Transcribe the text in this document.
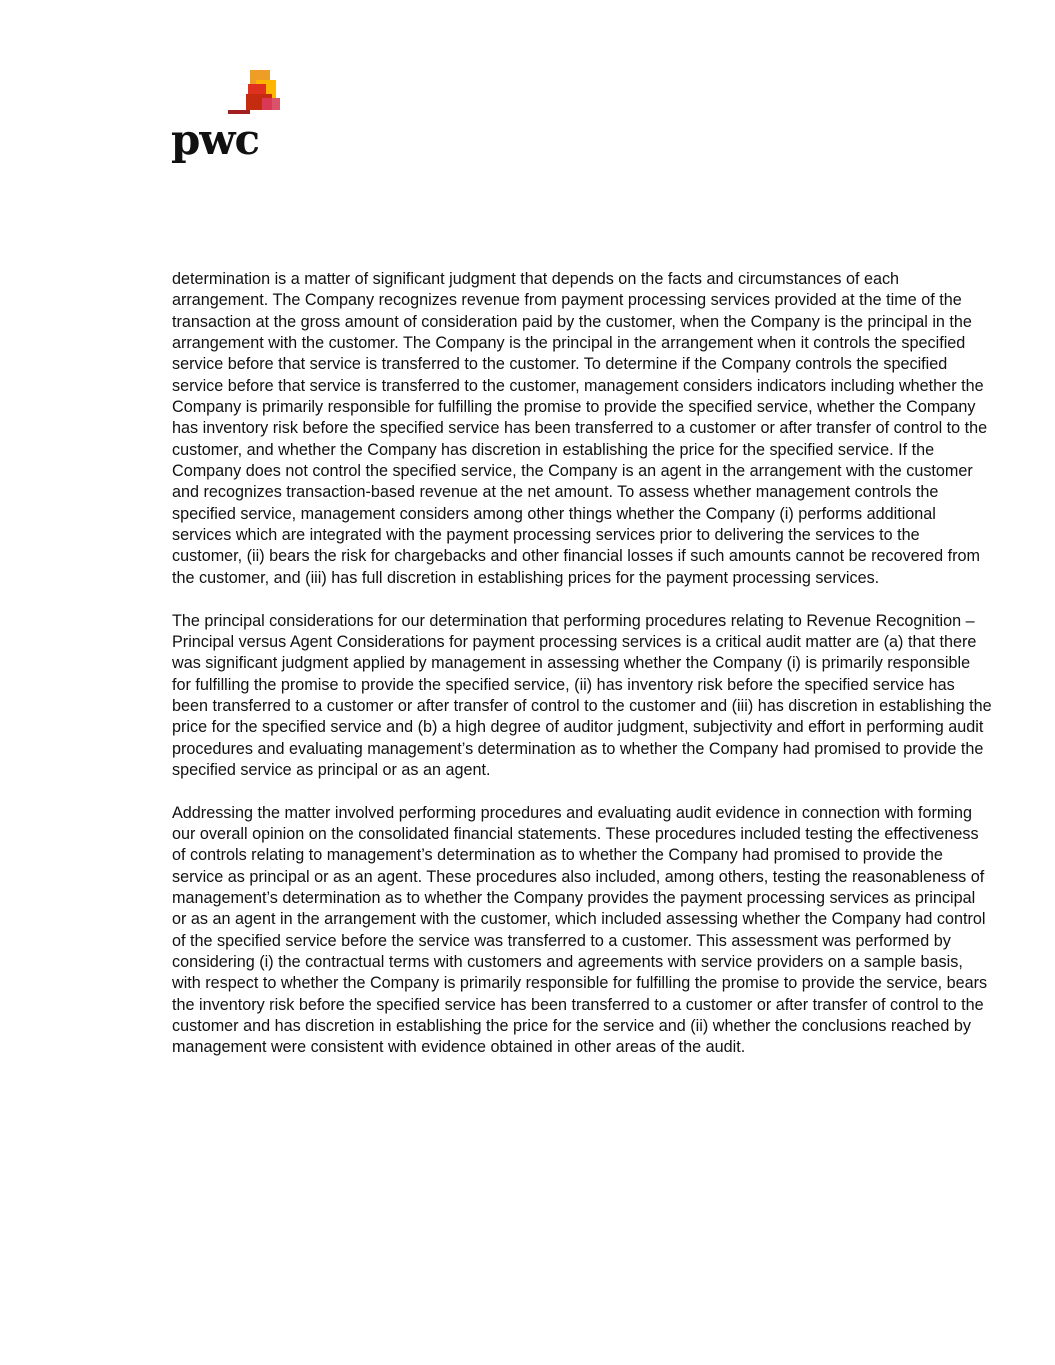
pwc

determination is a matter of significant judgment that depends on the facts and circumstances of each arrangement. The Company recognizes revenue from payment processing services provided at the time of the transaction at the gross amount of consideration paid by the customer, when the Company is the principal in the arrangement with the customer. The Company is the principal in the arrangement when it controls the specified service before that service is transferred to the customer. To determine if the Company controls the specified service before that service is transferred to the customer, management considers indicators including whether the Company is primarily responsible for fulfilling the promise to provide the specified service, whether the Company has inventory risk before the specified service has been transferred to a customer or after transfer of control to the customer, and whether the Company has discretion in establishing the price for the specified service. If the Company does not control the specified service, the Company is an agent in the arrangement with the customer and recognizes transaction-based revenue at the net amount. To assess whether management controls the specified service, management considers among other things whether the Company (i) performs additional services which are integrated with the payment processing services prior to delivering the services to the customer, (ii) bears the risk for chargebacks and other financial losses if such amounts cannot be recovered from the customer, and (iii) has full discretion in establishing prices for the payment processing services.

The principal considerations for our determination that performing procedures relating to Revenue Recognition – Principal versus Agent Considerations for payment processing services is a critical audit matter are (a) that there was significant judgment applied by management in assessing whether the Company (i) is primarily responsible for fulfilling the promise to provide the specified service, (ii) has inventory risk before the specified service has been transferred to a customer or after transfer of control to the customer and (iii) has discretion in establishing the price for the specified service and (b) a high degree of auditor judgment, subjectivity and effort in performing audit procedures and evaluating management’s determination as to whether the Company had promised to provide the specified service as principal or as an agent.

Addressing the matter involved performing procedures and evaluating audit evidence in connection with forming our overall opinion on the consolidated financial statements. These procedures included testing the effectiveness of controls relating to management’s determination as to whether the Company had promised to provide the service as principal or as an agent. These procedures also included, among others, testing the reasonableness of management’s determination as to whether the Company provides the payment processing services as principal or as an agent in the arrangement with the customer, which included assessing whether the Company had control of the specified service before the service was transferred to a customer. This assessment was performed by considering (i) the contractual terms with customers and agreements with service providers on a sample basis, with respect to whether the Company is primarily responsible for fulfilling the promise to provide the service, bears the inventory risk before the specified service has been transferred to a customer or after transfer of control to the customer and has discretion in establishing the price for the service and (ii) whether the conclusions reached by management were consistent with evidence obtained in other areas of the audit.
